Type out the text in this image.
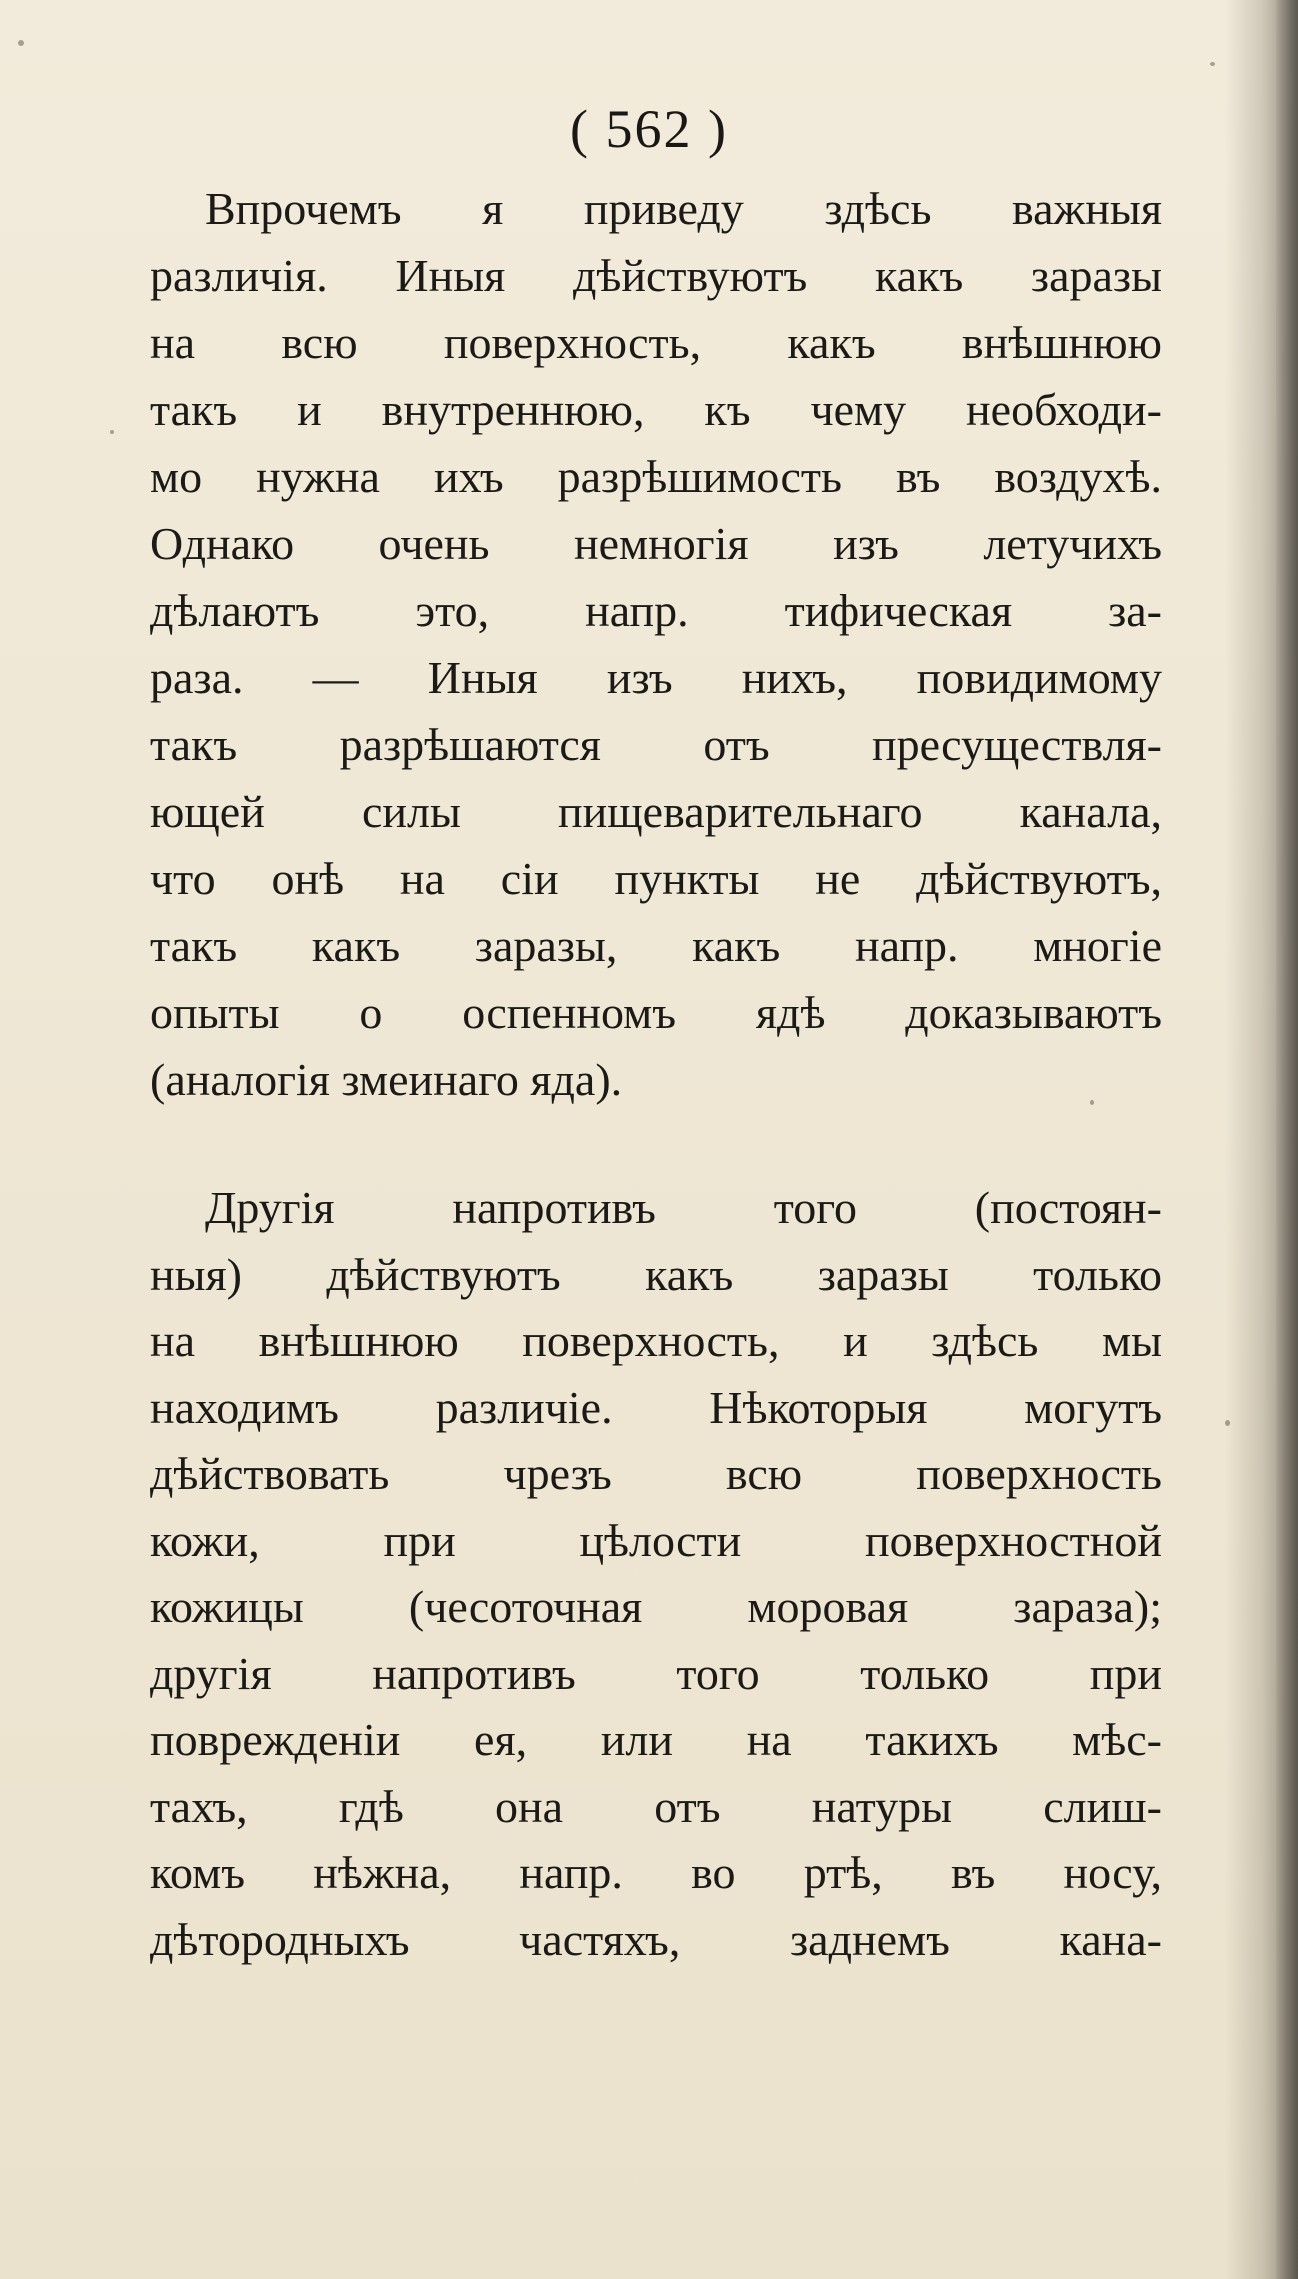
( 562 )
Впрочемъ я приведу здѣсь важныя
различія. Иныя дѣйствуютъ какъ заразы
на всю поверхность, какъ внѣшнюю
такъ и внутреннюю, къ чему необходи-
мо нужна ихъ разрѣшимость въ воздухѣ.
Однако очень немногія изъ летучихъ
дѣлаютъ это, напр. тифическая за-
раза. — Иныя изъ нихъ, повидимому
такъ разрѣшаются отъ пресуществля-
ющей силы пищеварительнаго канала,
что онѣ на сіи пункты не дѣйствуютъ,
такъ какъ заразы, какъ напр. многіе
опыты о оспенномъ ядѣ доказываютъ
(аналогія змеинаго яда).
Другія напротивъ того (постоян-
ныя) дѣйствуютъ какъ заразы только
на внѣшнюю поверхность, и здѣсь мы
находимъ различіе. Нѣкоторыя могутъ
дѣйствовать чрезъ всю поверхность
кожи, при цѣлости поверхностной
кожицы (чесоточная моровая зараза);
другія напротивъ того только при
поврежденіи ея, или на такихъ мѣс-
тахъ, гдѣ она отъ натуры слиш-
комъ нѣжна, напр. во ртѣ, въ носу,
дѣтородныхъ частяхъ, заднемъ кана-
